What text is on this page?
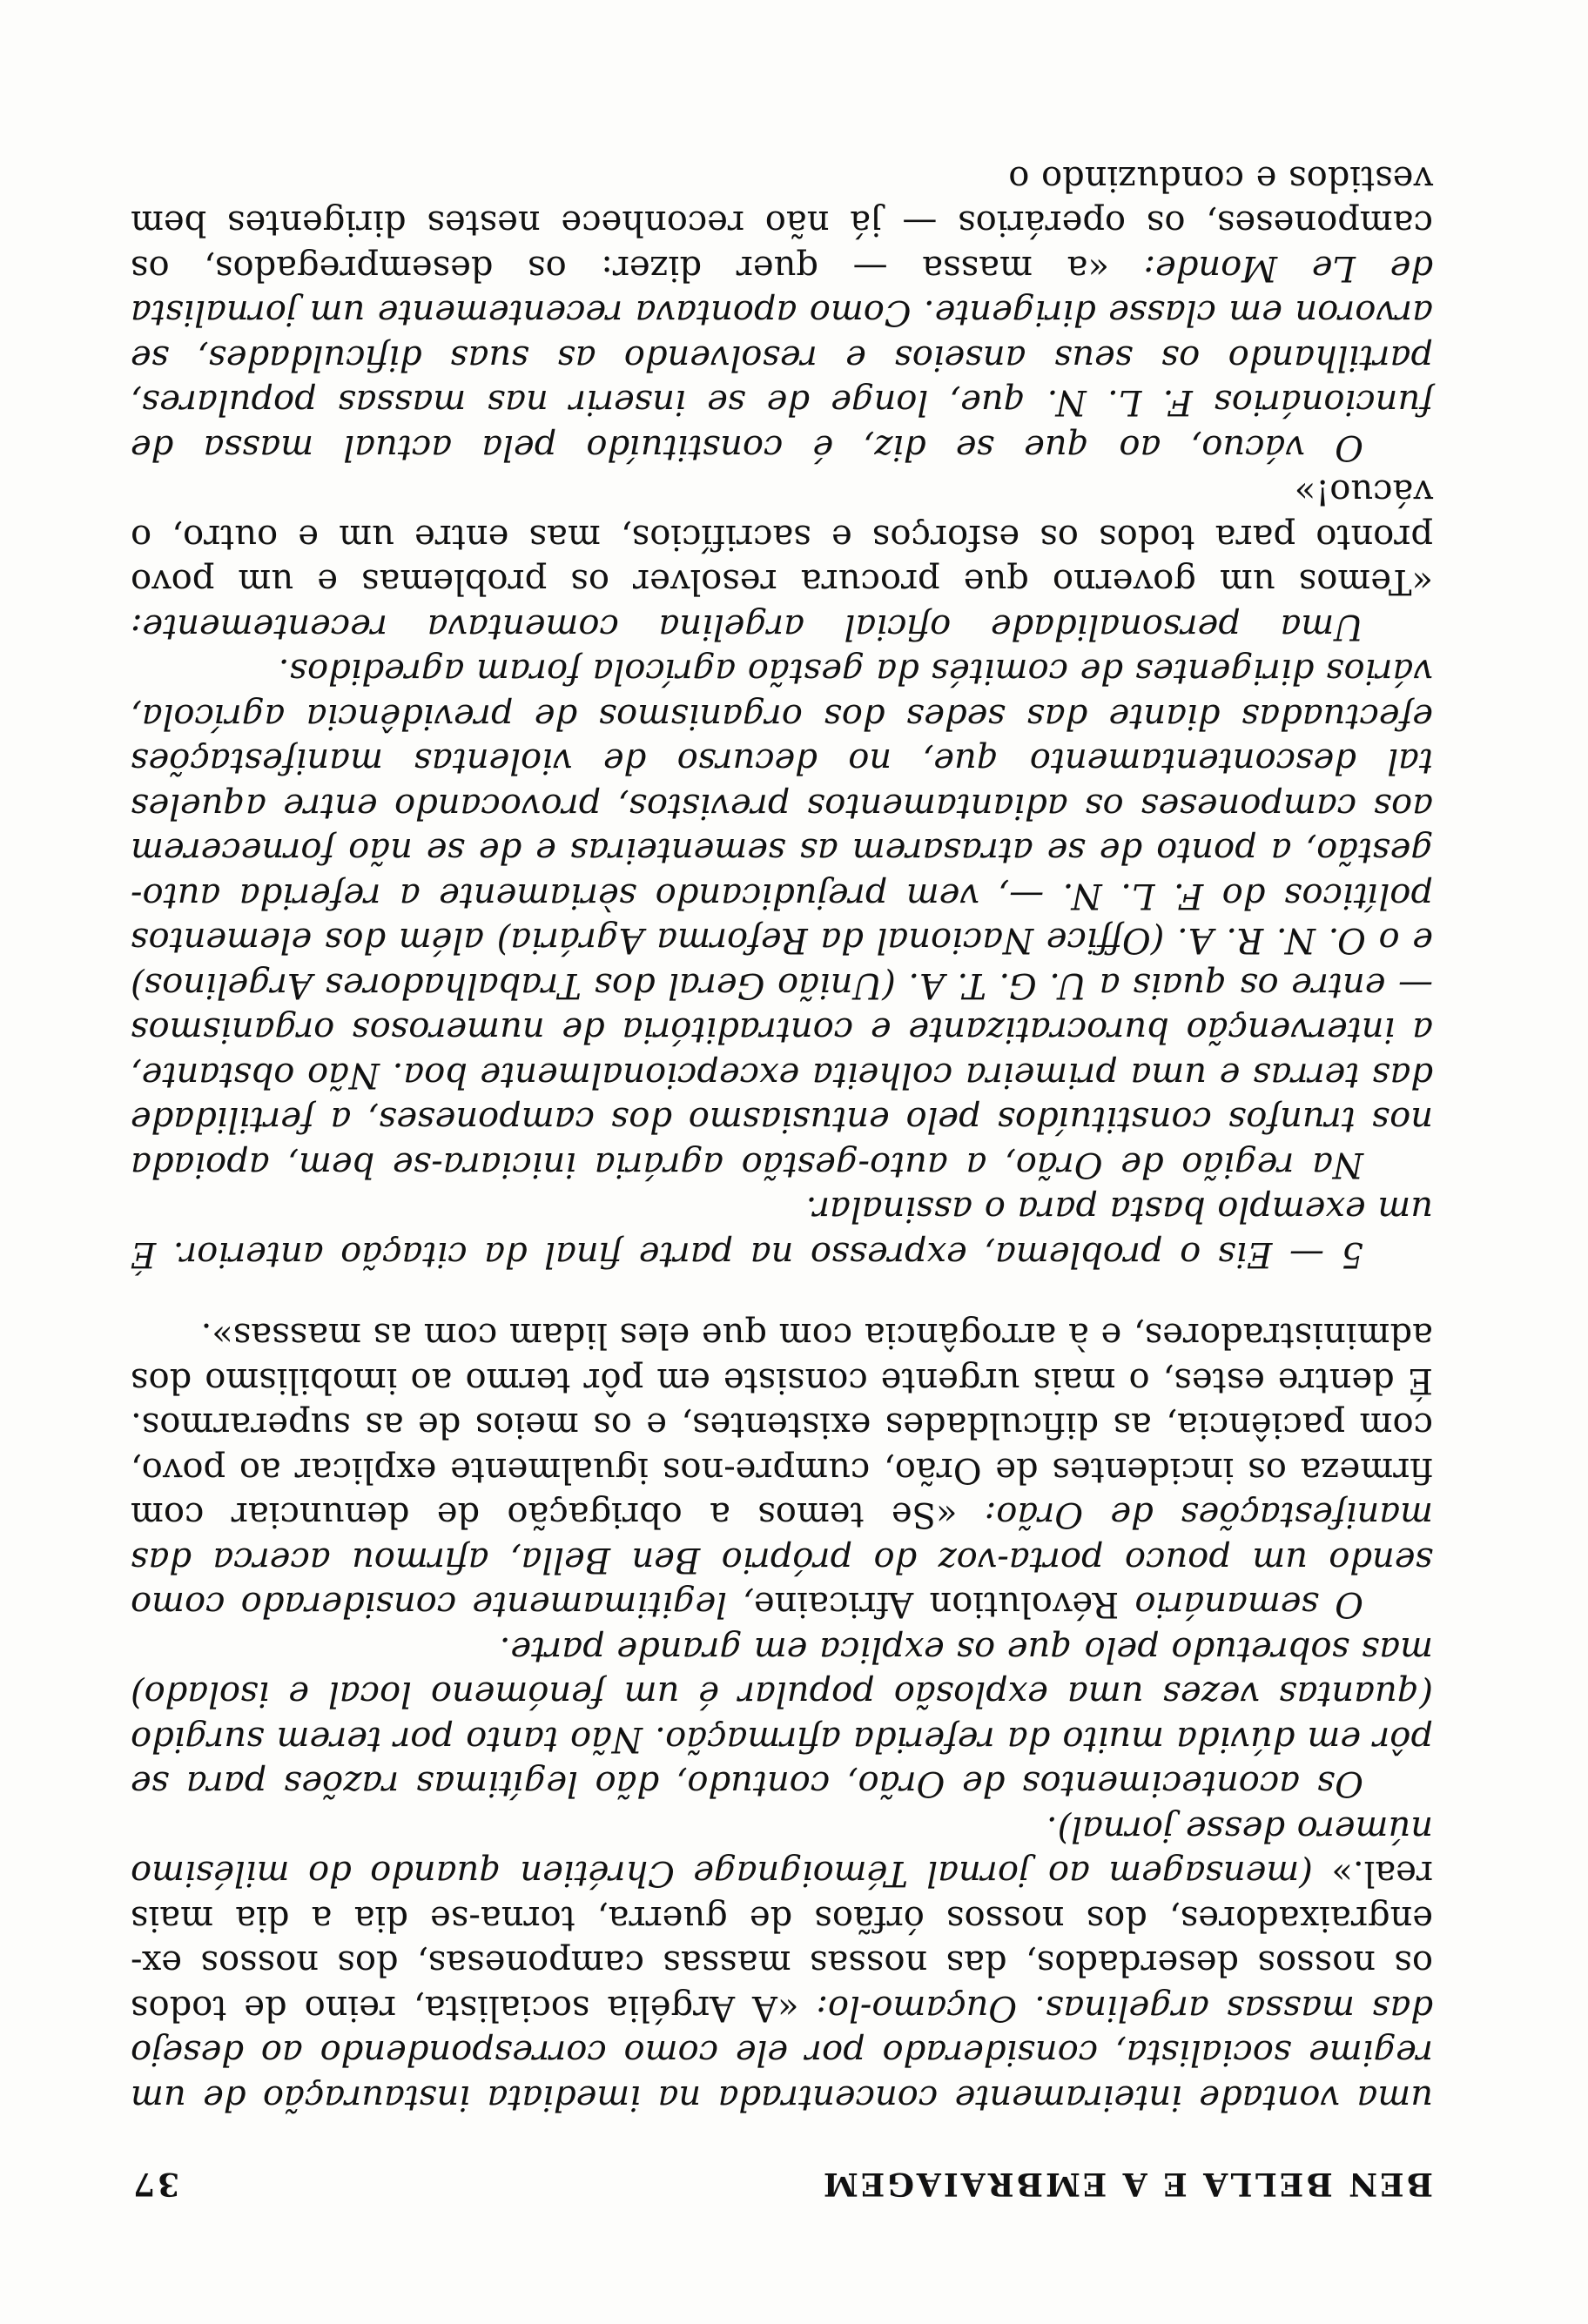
BEN BELLA E A EMBRAIAGEM
37

uma vontade inteiramente concentrada na imediata instauração de um regime socialista, considerado por ele como correspondendo ao desejo das massas argelinas. Ouçamo-lo: «A Argélia socialista, reino de todos os nossos deserdados, das nossas massas camponesas, dos nossos ex-engraixadores, dos nossos órfãos de guerra, torna-se dia a dia mais real.» (mensagem ao jornal Témoignage Chrétien quando do milésimo número desse jornal).

Os acontecimentos de Orão, contudo, dão legítimas razões para se pôr em dúvida muito da referida afirmação. Não tanto por terem surgido (quantas vezes uma explosão popular é um fenómeno local e isolado) mas sobretudo pelo que os explica em grande parte.

O semanário Révolution Africaine, legitimamente considerado como sendo um pouco porta-voz do próprio Ben Bella, afirmou acerca das manifestações de Orão: «Se temos a obrigação de denunciar com firmeza os incidentes de Orão, cumpre-nos igualmente explicar ao povo, com paciência, as dificuldades existentes, e os meios de as superarmos. É dentre estes, o mais urgente consiste em pôr termo ao imobilismo dos administradores, e à arrogância com que eles lidam com as massas».

5 — Eis o problema, expresso na parte final da citação anterior. É um exemplo basta para o assinalar.

Na região de Orão, a auto-gestão agrária iniciara-se bem, apoiada nos trunfos constituídos pelo entusiasmo dos camponeses, a fertilidade das terras e uma primeira colheita excepcionalmente boa. Não obstante, a intervenção burocratizante e contraditória de numerosos organismos — entre os quais a U. G. T. A. (União Geral dos Trabalhadores Argelinos) e o O. N. R. A. (Office Nacional da Reforma Agrária) além dos elementos políticos do F. L. N. —, vem prejudicando sèriamente a referida auto-gestão, a ponto de se atrasarem as sementeiras e de se não fornecerem aos camponeses os adiantamentos previstos, provocando entre aqueles tal descontentamento que, no decurso de violentas manifestações efectuadas diante das sedes dos organismos de previdência agrícola, vários dirigentes de comités da gestão agrícola foram agredidos.

Uma personalidade oficial argelina comentava recentemente: «Temos um governo que procura resolver os problemas e um povo pronto para todos os esforços e sacrifícios, mas entre um e outro, o vácuo!»

O vácuo, ao que se diz, é constituído pela actual massa de funcionários F. L. N. que, longe de se inserir nas massas populares, partilhando os seus anseios e resolvendo as suas dificuldades, se arvoron em classe dirigente. Como apontava recentemente um jornalista de Le Monde: «a massa — quer dizer: os desempregados, os camponeses, os operários — já não reconhece nestes dirigentes bem vestidos e conduzindo o
